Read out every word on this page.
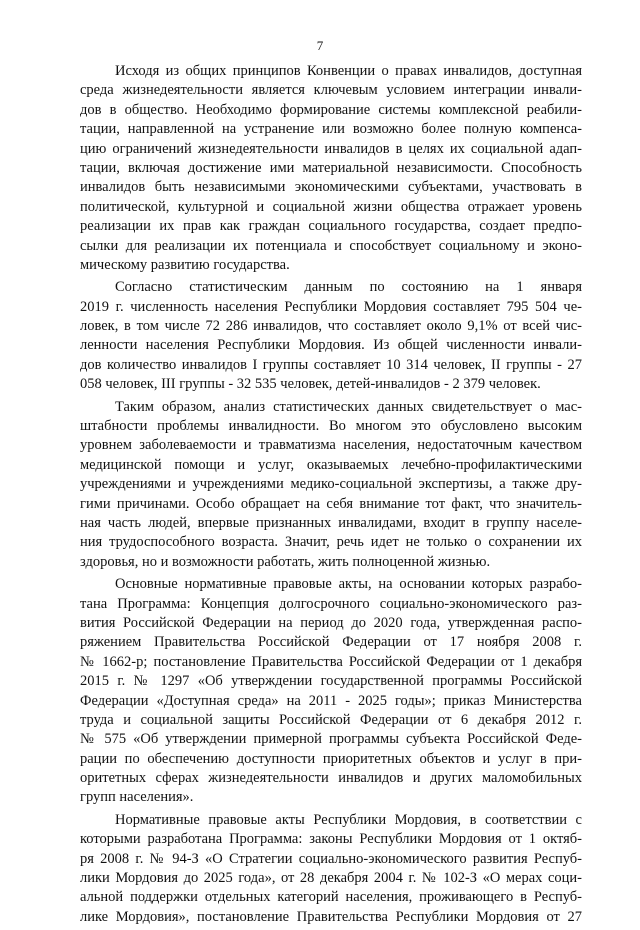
7
Исходя из общих принципов Конвенции о правах инвалидов, доступная
среда жизнедеятельности является ключевым условием интеграции инвали-
дов в общество. Необходимо формирование системы комплексной реабили-
тации, направленной на устранение или возможно более полную компенса-
цию ограничений жизнедеятельности инвалидов в целях их социальной адап-
тации, включая достижение ими материальной независимости. Способность
инвалидов быть независимыми экономическими субъектами, участвовать в
политической, культурной и социальной жизни общества отражает уровень
реализации их прав как граждан социального государства, создает предпо-
сылки для реализации их потенциала и способствует социальному и эконо-
мическому развитию государства.
Согласно статистическим данным по состоянию на 1 января
2019 г. численность населения Республики Мордовия составляет 795 504 че-
ловек, в том числе 72 286 инвалидов, что составляет около 9,1% от всей чис-
ленности населения Республики Мордовия. Из общей численности инвали-
дов количество инвалидов I группы составляет 10 314 человек, II группы - 27
058 человек, III группы - 32 535 человек, детей-инвалидов - 2 379 человек.
Таким образом, анализ статистических данных свидетельствует о мас-
штабности проблемы инвалидности. Во многом это обусловлено высоким
уровнем заболеваемости и травматизма населения, недостаточным качеством
медицинской помощи и услуг, оказываемых лечебно-профилактическими
учреждениями и учреждениями медико-социальной экспертизы, а также дру-
гими причинами. Особо обращает на себя внимание тот факт, что значитель-
ная часть людей, впервые признанных инвалидами, входит в группу населе-
ния трудоспособного возраста. Значит, речь идет не только о сохранении их
здоровья, но и возможности работать, жить полноценной жизнью.
Основные нормативные правовые акты, на основании которых разрабо-
тана Программа: Концепция долгосрочного социально-экономического раз-
вития Российской Федерации на период до 2020 года, утвержденная распо-
ряжением Правительства Российской Федерации от 17 ноября 2008 г.
№ 1662-р; постановление Правительства Российской Федерации от 1 декабря
2015 г. № 1297 «Об утверждении государственной программы Российской
Федерации «Доступная среда» на 2011 - 2025 годы»; приказ Министерства
труда и социальной защиты Российской Федерации от 6 декабря 2012 г.
№ 575 «Об утверждении примерной программы субъекта Российской Феде-
рации по обеспечению доступности приоритетных объектов и услуг в при-
оритетных сферах жизнедеятельности инвалидов и других маломобильных
групп населения».
Нормативные правовые акты Республики Мордовия, в соответствии с
которыми разработана Программа: законы Республики Мордовия от 1 октяб-
ря 2008 г. № 94-З «О Стратегии социально-экономического развития Респуб-
лики Мордовия до 2025 года», от 28 декабря 2004 г. № 102-З «О мерах соци-
альной поддержки отдельных категорий населения, проживающего в Респуб-
лике Мордовия», постановление Правительства Республики Мордовия от 27
